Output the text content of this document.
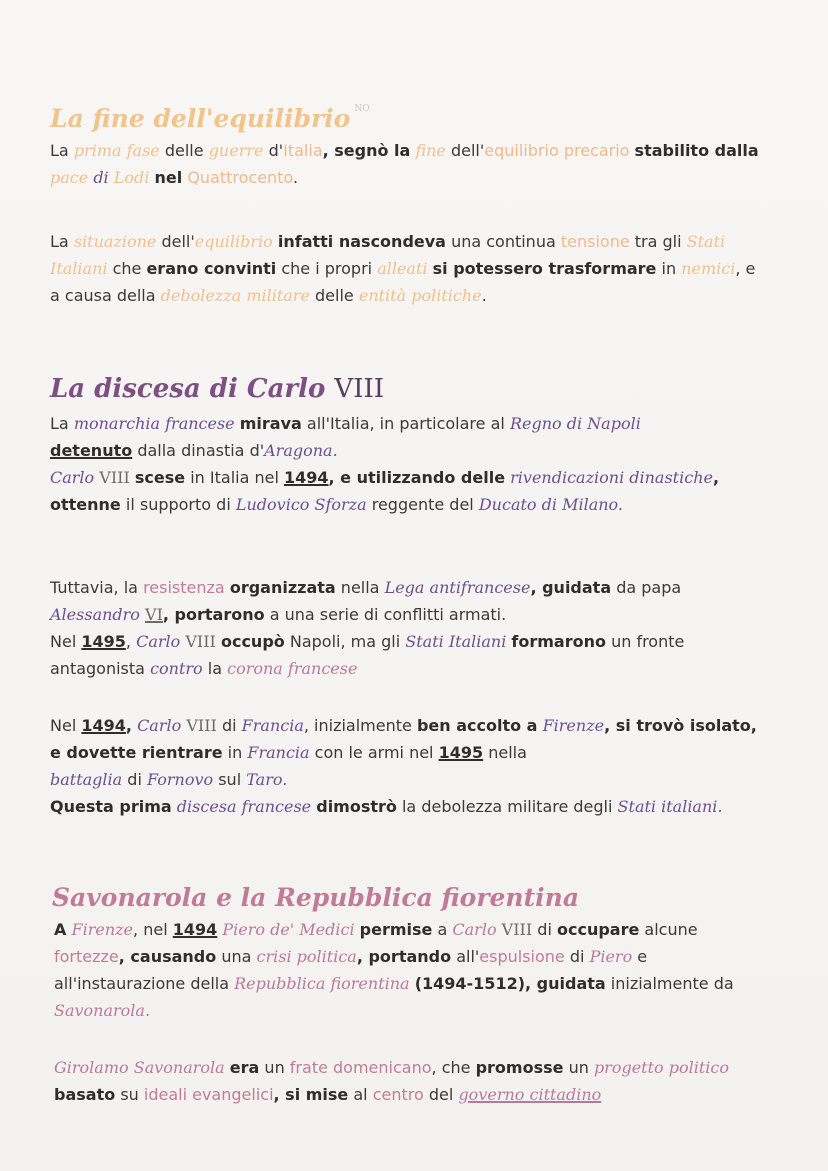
La fine dell'equilibrio $^{NO}$

La prima fase delle guerre d'Italia, segnò la fine dell'equilibrio precario stabilito dalla pace di Lodi nel Quattrocento.

La situazione dell'equilibrio infatti nascondeva una continua tensione tra gli Stati Italiani che erano convinti che i propri alleati si potessero trasformare in nemici, e a causa della debolezza militare delle entità politiche.

La discesa di Carlo VIII

La monarchia francese mirava all'Italia, in particolare al Regno di Napoli
detenuto dalla dinastia d'Aragona.
Carlo VIII scese in Italia nel 1494, e utilizzando delle rivendicazioni dinastiche, ottenne il supporto di Ludovico Sforza reggente del Ducato di Milano.

Tuttavia, la resistenza organizzata nella Lega antifrancese, guidata da papa Alessandro VI, portarono a una serie di conflitti armati.
Nel 1495, Carlo VIII occupò Napoli, ma gli Stati Italiani formarono un fronte antagonista contro la corona francese

Nel 1494, Carlo VIII di Francia, inizialmente ben accolto a Firenze, si trovò isolato, e dovette rientrare in Francia con le armi nel 1495 nella
battaglia di Fornovo sul Taro.
Questa prima discesa francese dimostrò la debolezza militare degli Stati italiani.

Savonarola e la Repubblica fiorentina

A Firenze, nel 1494 Piero de' Medici permise a Carlo VIII di occupare alcune fortezze, causando una crisi politica, portando all'espulsione di Piero e all'instaurazione della Repubblica fiorentina (1494-1512), guidata inizialmente da Savonarola.

Girolamo Savonarola era un frate domenicano, che promosse un progetto politico basato su ideali evangelici, si mise al centro del governo cittadino
